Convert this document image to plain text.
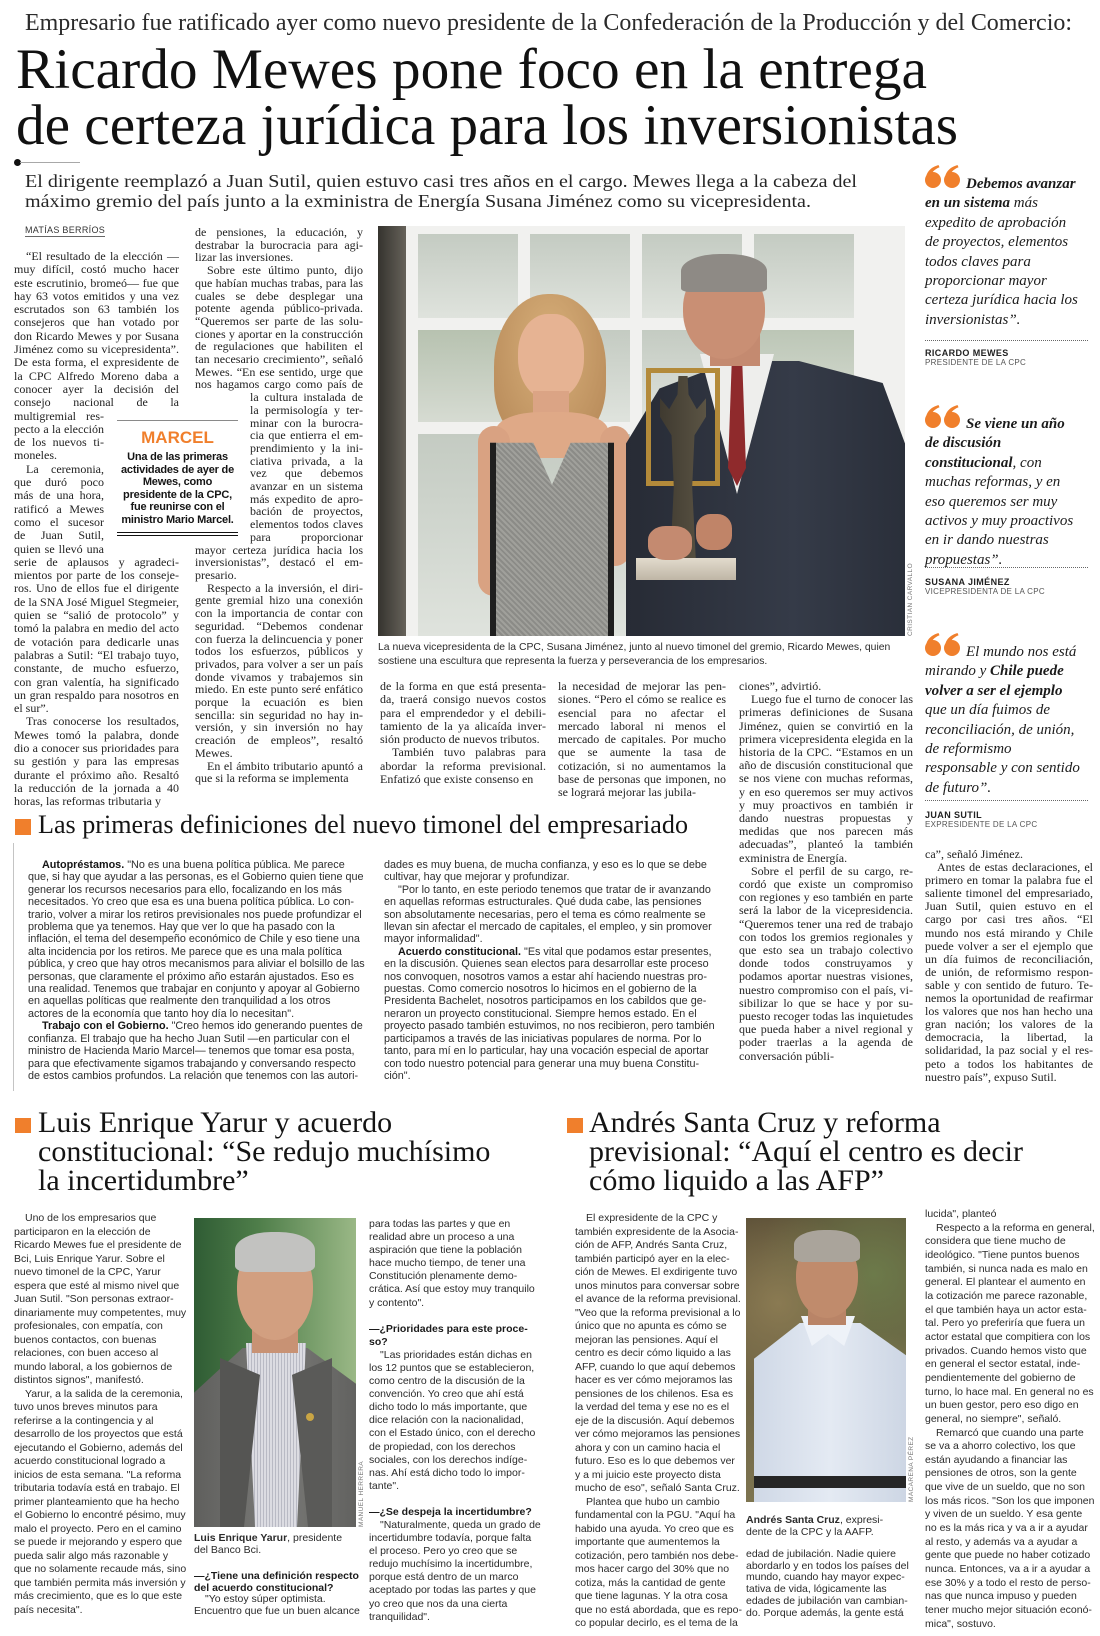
Empresario fue ratificado ayer como nuevo presidente de la Confederación de la Producción y del Comercio:
Ricardo Mewes pone foco en la entrega
de certeza jurídica para los inversionistas
El dirigente reemplazó a Juan Sutil, quien estuvo casi tres años en el cargo. Mewes llega a la cabeza del
máximo gremio del país junto a la exministra de Energía Susana Jiménez como su vicepresidenta.
MATÍAS BERRÍOS

“El resultado de la elección —muy difícil, costó mucho hacer este escrutinio, bromeó— fue que hay 63 votos emitidos y una vez escrutados son 63 también los consejeros que han votado por don Ricardo Mewes y por Susana Jiménez como su vicepresidenta”. De esta forma, el expresidente de la CPC Alfredo Moreno daba a conocer ayer la decisión del consejo nacional de la multigremial respecto a la elección de los nuevos timoneles.

La ceremonia, que duró poco más de una hora, ratificó a Mewes como el sucesor de Juan Sutil, quien se llevó una serie de aplausos y agradecimientos por parte de los consejeros. Uno de ellos fue el dirigente de la SNA José Miguel Stegmeier, quien se “salió de protocolo” y tomó la palabra en medio del acto de votación para dedicarle unas palabras a Sutil: “El trabajo tuyo, constante, de mucho esfuerzo, con gran valentía, ha significado un gran respaldo para nosotros en el sur”.

Tras conocerse los resultados, Mewes tomó la palabra, donde dio a conocer sus prioridades para su gestión y para las empresas durante el próximo año. Resaltó la reducción de la jornada a 40 horas, las reformas tributaria y

de pensiones, la educación, y destrabar la burocracia para agilizar las inversiones.

Sobre este último punto, dijo que habían muchas trabas, para las cuales se debe desplegar una potente agenda público-privada. “Queremos ser parte de las soluciones y aportar en la construcción de regulaciones que habiliten el tan necesario crecimiento”, señaló Mewes. “En ese sentido, urge que nos hagamos cargo como país de la cultura instalada de la permisología y terminar con la burocracia que entierra el emprendimiento y la iniciativa privada, a la vez que debemos avanzar en un sistema más expedito de aprobación de proyectos, elementos todos claves para proporcionar mayor certeza jurídica hacia los inversionistas”, destacó el empresario.

Respecto a la inversión, el dirigente gremial hizo una conexión con la importancia de contar con seguridad. “Debemos condenar con fuerza la delincuencia y poner todos los esfuerzos, públicos y privados, para volver a ser un país donde vivamos y trabajemos sin miedo. En este punto seré enfático porque la ecuación es bien sencilla: sin seguridad no hay inversión, y sin inversión no hay creación de empleos”, resaltó Mewes.

En el ámbito tributario apuntó a que si la reforma se implementa

MARCEL
Una de las primeras actividades de ayer de Mewes, como presidente de la CPC, fue reunirse con el ministro Mario Marcel.
CRISTIAN CARVALLO
La nueva vicepresidenta de la CPC, Susana Jiménez, junto al nuevo timonel del gremio, Ricardo Mewes, quien sostiene una escultura que representa la fuerza y perseverancia de los empresarios.

de la forma en que está presentada, traerá consigo nuevos costos para el emprendedor y el debilitamiento de la ya alicaída inversión producto de nuevos tributos.

También tuvo palabras para abordar la reforma previsional. Enfatizó que existe consenso en

la necesidad de mejorar las pensiones. “Pero el cómo se realice es esencial para no afectar el mercado laboral ni menos el mercado de capitales. Por mucho que se aumente la tasa de cotización, si no aumentamos la base de personas que imponen, no se logrará mejorar las jubila-

ciones”, advirtió.

Luego fue el turno de conocer las primeras definiciones de Susana Jiménez, quien se convirtió en la primera vicepresidenta elegida en la historia de la CPC. “Estamos en un año de discusión constitucional que se nos viene con muchas reformas, y en eso queremos ser muy activos y muy proactivos en también ir dando nuestras propuestas y medidas que nos parecen más adecuadas”, planteó la también exministra de Energía.

Sobre el perfil de su cargo, recordó que existe un compromiso con regiones y eso también en parte será la labor de la vicepresidencia. “Queremos tener una red de trabajo con todos los gremios regionales y que esto sea un trabajo colectivo donde todos construyamos y podamos aportar nuestras visiones, nuestro compromiso con el país, visibilizar lo que se hace y por supuesto recoger todas las inquietudes que pueda haber a nivel regional y poder traerlas a la agenda de conversación públi-

Debemos avanzar en un sistema más expedito de aprobación de proyectos, elementos todos claves para proporcionar mayor certeza jurídica hacia los inversionistas”.
RICARDO MEWES
PRESIDENTE DE LA CPC
Se viene un año de discusión constitucional, con muchas reformas, y en eso queremos ser muy activos y muy proactivos en ir dando nuestras propuestas”.
SUSANA JIMÉNEZ
VICEPRESIDENTA DE LA CPC
El mundo nos está mirando y Chile puede volver a ser el ejemplo que un día fuimos de reconciliación, de unión, de reformismo responsable y con sentido de futuro”.
JUAN SUTIL
EXPRESIDENTE DE LA CPC

ca”, señaló Jiménez.

Antes de estas declaraciones, el primero en tomar la palabra fue el saliente timonel del empresariado, Juan Sutil, quien estuvo en el cargo por casi tres años. “El mundo nos está mirando y Chile puede volver a ser el ejemplo que un día fuimos de reconciliación, de unión, de reformismo responsable y con sentido de futuro. Tenemos la oportunidad de reafirmar los valores que nos han hecho una gran nación; los valores de la democracia, la libertad, la solidaridad, la paz social y el respeto a todos los habitantes de nuestro país”, expuso Sutil.

Las primeras definiciones del nuevo timonel del empresariado

Autopréstamos. "No es una buena política pública. Me parece que, si hay que ayudar a las personas, es el Gobierno quien tiene que generar los recursos necesarios para ello, focalizando en los más necesitados. Yo creo que esa es una buena política pública. Lo contrario, volver a mirar los retiros previsionales nos puede profundizar el problema que ya tenemos. Hay que ver lo que ha pasado con la inflación, el tema del desempeño económico de Chile y eso tiene una alta incidencia por los retiros. Me parece que es una mala política pública, y creo que hay otros mecanismos para aliviar el bolsillo de las personas, que claramente el próximo año estarán ajustados. Eso es una realidad. Tenemos que trabajar en conjunto y apoyar al Gobierno en aquellas políticas que realmente den tranquilidad a los otros actores de la economía que tanto hoy día lo necesitan".

Trabajo con el Gobierno. "Creo hemos ido generando puentes de confianza. El trabajo que ha hecho Juan Sutil —en particular con el ministro de Hacienda Mario Marcel— tenemos que tomar esa posta, para que efectivamente sigamos trabajando y conversando respecto de estos cambios profundos. La relación que tenemos con las autori-

dades es muy buena, de mucha confianza, y eso es lo que se debe cultivar, hay que mejorar y profundizar.

"Por lo tanto, en este periodo tenemos que tratar de ir avanzando en aquellas reformas estructurales. Qué duda cabe, las pensiones son absolutamente necesarias, pero el tema es cómo realmente se llevan sin afectar el mercado de capitales, el empleo, y sin promover mayor informalidad".

Acuerdo constitucional. "Es vital que podamos estar presentes, en la discusión. Quienes sean electos para desarrollar este proceso nos convoquen, nosotros vamos a estar ahí haciendo nuestras propuestas. Como comercio nosotros lo hicimos en el gobierno de la Presidenta Bachelet, nosotros participamos en los cabildos que generaron un proyecto constitucional. Siempre hemos estado. En el proyecto pasado también estuvimos, no nos recibieron, pero también participamos a través de las iniciativas populares de norma. Por lo tanto, para mí en lo particular, hay una vocación especial de aportar con todo nuestro potencial para generar una muy buena Constitución".

Luis Enrique Yarur y acuerdo
constitucional: “Se redujo muchísimo
la incertidumbre”

Uno de los empresarios que participaron en la elección de Ricardo Mewes fue el presidente de Bci, Luis Enrique Yarur. Sobre el nuevo timonel de la CPC, Yarur espera que esté al mismo nivel que Juan Sutil. "Son personas extraordinariamente muy competentes, muy profesionales, con empatía, con buenos contactos, con buenas relaciones, con buen acceso al mundo laboral, a los gobiernos de distintos signos", manifestó.

Yarur, a la salida de la ceremonia, tuvo unos breves minutos para referirse a la contingencia y al desarrollo de los proyectos que está ejecutando el Gobierno, además del acuerdo constitucional logrado a inicios de esta semana. "La reforma tributaria todavía está en trabajo. El primer planteamiento que ha hecho el Gobierno lo encontré pésimo, muy malo el proyecto. Pero en el camino se puede ir mejorando y espero que pueda salir algo más razonable y que no solamente recaude más, sino que también permita más inversión y más crecimiento, que es lo que este país necesita".

MANUEL HERRERA
Luis Enrique Yarur, presidente del Banco Bci.

—¿Tiene una definición respecto del acuerdo constitucional?

"Yo estoy súper optimista. Encuentro que fue un buen alcance

para todas las partes y que en realidad abre un proceso a una aspiración que tiene la población hace mucho tiempo, de tener una Constitución plenamente democrática. Así que estoy muy tranquilo y contento".

—¿Prioridades para este proceso?

"Las prioridades están dichas en los 12 puntos que se establecieron, como centro de la discusión de la convención. Yo creo que ahí está dicho todo lo más importante, que dice relación con la nacionalidad, con el Estado único, con el derecho de propiedad, con los derechos sociales, con los derechos indígenas. Ahí está dicho todo lo importante".

—¿Se despeja la incertidumbre?

"Naturalmente, queda un grado de incertidumbre todavía, porque falta el proceso. Pero yo creo que se redujo muchísimo la incertidumbre, porque está dentro de un marco aceptado por todas las partes y que yo creo que nos da una cierta tranquilidad".

Andrés Santa Cruz y reforma
previsional: “Aquí el centro es decir
cómo liquido a las AFP”

El expresidente de la CPC y también expresidente de la Asociación de AFP, Andrés Santa Cruz, también participó ayer en la elección de Mewes. El exdirigente tuvo unos minutos para conversar sobre el avance de la reforma previsional. "Veo que la reforma previsional a lo único que no apunta es cómo se mejoran las pensiones. Aquí el centro es decir cómo liquido a las AFP, cuando lo que aquí debemos hacer es ver cómo mejoramos las pensiones de los chilenos. Esa es la verdad del tema y ese no es el eje de la discusión. Aquí debemos ver cómo mejoramos las pensiones ahora y con un camino hacia el futuro. Eso es lo que debemos ver y a mi juicio este proyecto dista mucho de eso", señaló Santa Cruz.

Plantea que hubo un cambio fundamental con la PGU. "Aquí ha habido una ayuda. Yo creo que es importante que aumentemos la cotización, pero también nos debemos hacer cargo del 30% que no cotiza, más la cantidad de gente que tiene lagunas. Y la otra cosa que no está abordada, que es repoco popular decirlo, es el tema de la

MACARENA PÉREZ
Andrés Santa Cruz, expresidente de la CPC y la AAFP.

edad de jubilación. Nadie quiere abordarlo y en todos los países del mundo, cuando hay mayor expectativa de vida, lógicamente las edades de jubilación van cambiando. Porque además, la gente está

lucida", planteó

Respecto a la reforma en general, considera que tiene mucho de ideológico. "Tiene puntos buenos también, si nunca nada es malo en general. El plantear el aumento en la cotización me parece razonable, el que también haya un actor estatal. Pero yo preferiría que fuera un actor estatal que compitiera con los privados. Cuando hemos visto que en general el sector estatal, independientemente del gobierno de turno, lo hace mal. En general no es un buen gestor, pero eso digo en general, no siempre", señaló.

Remarcó que cuando una parte se va a ahorro colectivo, los que están ayudando a financiar las pensiones de otros, son la gente que vive de un sueldo, que no son los más ricos. "Son los que imponen y viven de un sueldo. Y esa gente no es la más rica y va a ir a ayudar al resto, y además va a ayudar a gente que puede no haber cotizado nunca. Entonces, va a ir a ayudar a ese 30% y a todo el resto de personas que nunca impuso y pueden tener mucho mejor situación económica", sostuvo.
